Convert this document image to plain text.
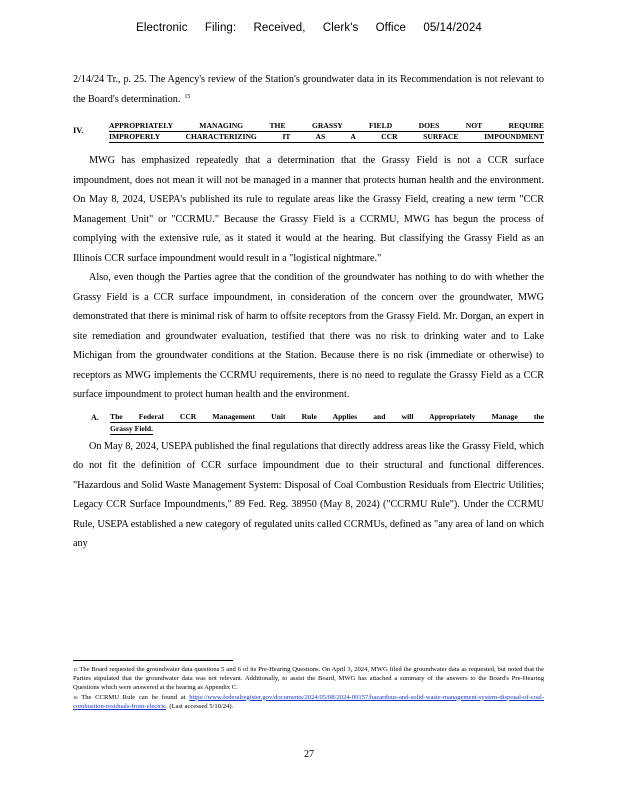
Electronic Filing: Received, Clerk's Office 05/14/2024

2/14/24 Tr., p. 25. The Agency's review of the Station's groundwater data in its Recommendation is not relevant to the Board's determination. $^{15}$

IV.	APPROPRIATELY MANAGING THE GRASSY FIELD DOES NOT REQUIRE
IMPROPERLY CHARACTERIZING IT AS A CCR SURFACE IMPOUNDMENT

MWG has emphasized repeatedly that a determination that the Grassy Field is not a CCR surface impoundment, does not mean it will not be managed in a manner that protects human health and the environment. On May 8, 2024, USEPA's published its rule to regulate areas like the Grassy Field, creating a new term "CCR Management Unit" or "CCRMU." Because the Grassy Field is a CCRMU, MWG has begun the process of complying with the extensive rule, as it stated it would at the hearing. But classifying the Grassy Field as an Illinois CCR surface impoundment would result in a "logistical nightmare."

Also, even though the Parties agree that the condition of the groundwater has nothing to do with whether the Grassy Field is a CCR surface impoundment, in consideration of the concern over the groundwater, MWG demonstrated that there is minimal risk of harm to offsite receptors from the Grassy Field. Mr. Dorgan, an expert in site remediation and groundwater evaluation, testified that there was no risk to drinking water and to Lake Michigan from the groundwater conditions at the Station. Because there is no risk (immediate or otherwise) to receptors as MWG implements the CCRMU requirements, there is no need to regulate the Grassy Field as a CCR surface impoundment to protect human health and the environment.

A. The Federal CCR Management Unit Rule Applies and will Appropriately Manage the
Grassy Field.

On May 8, 2024, USEPA published the final regulations that directly address areas like the Grassy Field, which do not fit the definition of CCR surface impoundment due to their structural and functional differences. "Hazardous and Solid Waste Management System: Disposal of Coal Combustion Residuals from Electric Utilities; Legacy CCR Surface Impoundments," 89 Fed. Reg. 38950 (May 8, 2024) ("CCRMU Rule"). Under the CCRMU Rule, USEPA established a new category of regulated units called CCRMUs, defined as "any area of land on which any

$^{15}$ The Board requested the groundwater data questions 5 and 6 of its Pre-Hearing Questions. On April 3, 2024, MWG filed the groundwater data as requested, but noted that the Parties stipulated that the groundwater data was not relevant. Additionally, to assist the Board, MWG has attached a summary of the answers to the Board's Pre-Hearing Questions which were answered at the hearing as Appendix C.

$^{16}$ The CCRMU Rule can be found at https://www.federalregister.gov/documents/2024/05/08/2024-09157/hazardous-and-solid-waste-management-system-disposal-of-coal-combustion-residuals-from-electric. (Last accessed 5/10/24).

27
